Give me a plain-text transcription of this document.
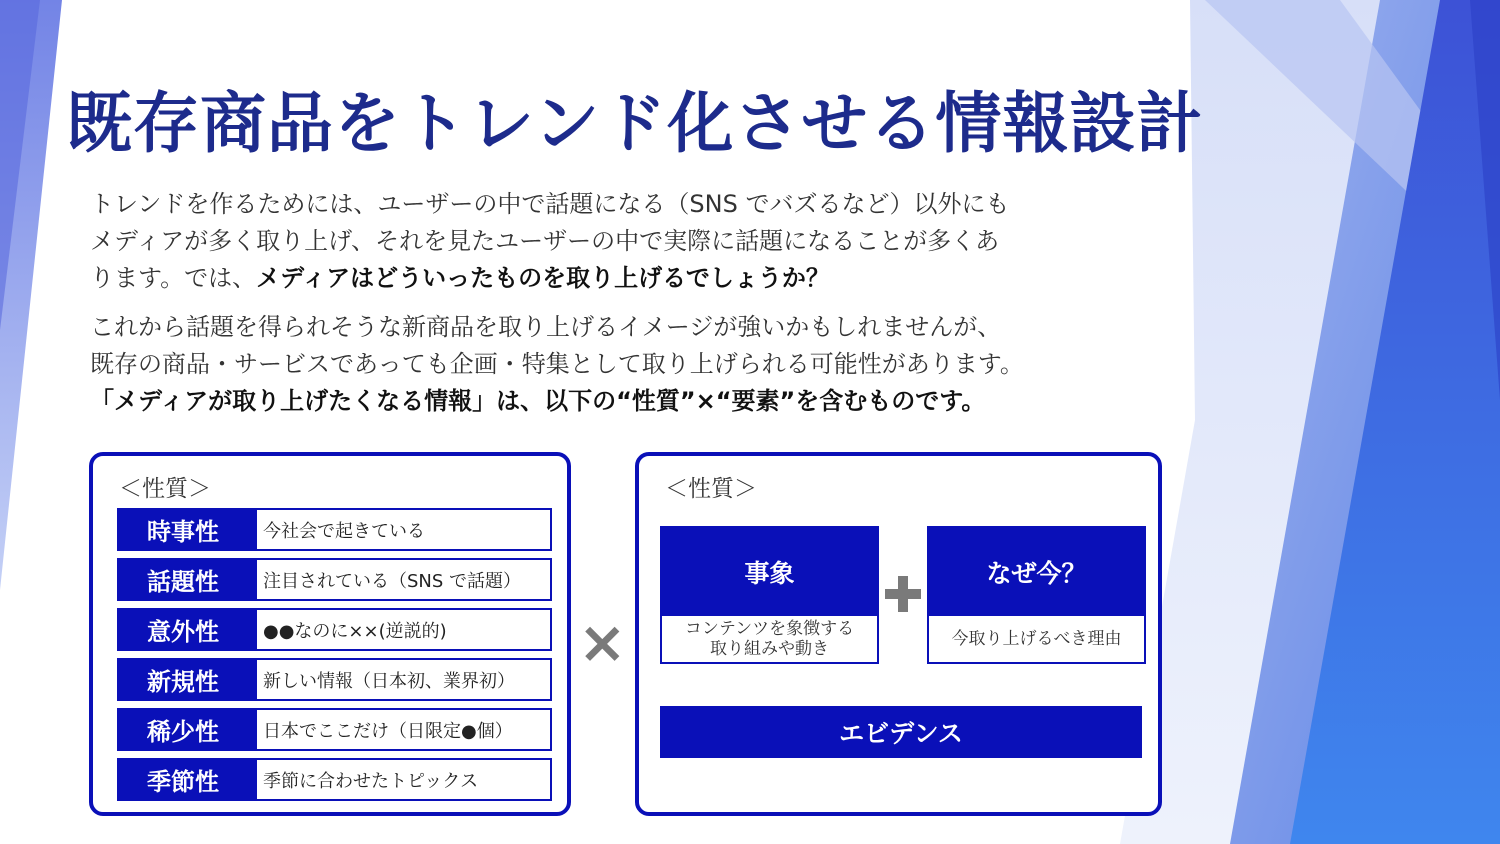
既存商品をトレンド化させる情報設計
トレンドを作るためには、ユーザーの中で話題になる（SNS でバズるなど）以外にも
メディアが多く取り上げ、それを見たユーザーの中で実際に話題になることが多くあ
ります。では、メディアはどういったものを取り上げるでしょうか？
これから話題を得られそうな新商品を取り上げるイメージが強いかもしれませんが、
既存の商品・サービスであっても企画・特集として取り上げられる可能性があります。
「メディアが取り上げたくなる情報」は、以下の“性質”×“要素”を含むものです。
＜性質＞
時事性	今社会で起きている
話題性	注目されている（SNS で話題）
意外性	●●なのに××(逆説的)
新規性	新しい情報（日本初、業界初）
稀少性	日本でここだけ（日限定●個）
季節性	季節に合わせたトピックス
×
＜性質＞
事象
コンテンツを象徴する
取り組みや動き
なぜ今？
今取り上げるべき理由
エビデンス
